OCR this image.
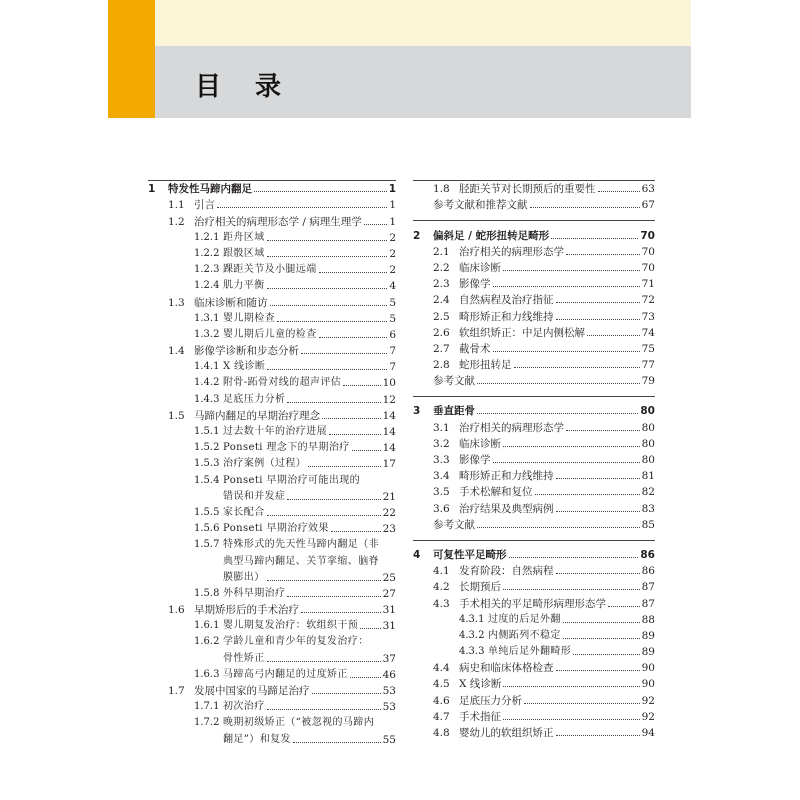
目录
1	特发性马蹄内翻足	1
1.1 引言	1
1.2 治疗相关的病理形态学 / 病理生理学	1
1.2.1 距舟区域	2
1.2.2 跟骰区域	2
1.2.3 踝距关节及小腿远端	2
1.2.4 肌力平衡	4
1.3 临床诊断和随访	5
1.3.1 婴儿期检查	5
1.3.2 婴儿期后儿童的检查	6
1.4 影像学诊断和步态分析	7
1.4.1 X 线诊断	7
1.4.2 附骨-跖骨对线的超声评估	10
1.4.3 足底压力分析	12
1.5 马蹄内翻足的早期治疗理念	14
1.5.1 过去数十年的治疗进展	14
1.5.2 Ponseti 理念下的早期治疗	14
1.5.3 治疗案例（过程）	17
1.5.4 Ponseti 早期治疗可能出现的
错误和并发症	21
1.5.5 家长配合	22
1.5.6 Ponseti 早期治疗效果	23
1.5.7 特殊形式的先天性马蹄内翻足（非
典型马蹄内翻足、关节挛缩、脑脊
膜膨出）	25
1.5.8 外科早期治疗	27
1.6 早期矫形后的手术治疗	31
1.6.1 婴儿期复发治疗：软组织干预 31
1.6.2 学龄儿童和青少年的复发治疗：
骨性矫正	37
1.6.3 马蹄高弓内翻足的过度矫正	46
1.7 发展中国家的马蹄足治疗	53
1.7.1 初次治疗	53
1.7.2 晚期初级矫正（“被忽视的马蹄内
翻足”）和复发	55
1.8 胫距关节对长期预后的重要性	63
参考文献和推荐文献	67
2	偏斜足 / 蛇形扭转足畸形	70
2.1 治疗相关的病理形态学	70
2.2 临床诊断	70
2.3 影像学	71
2.4 自然病程及治疗指征	72
2.5 畸形矫正和力线维持	73
2.6 软组织矫正：中足内侧松解	74
2.7 截骨术	75
2.8 蛇形扭转足	77
参考文献	79
3	垂直距骨	80
3.1 治疗相关的病理形态学	80
3.2 临床诊断	80
3.3 影像学	80
3.4 畸形矫正和力线维持	81
3.5 手术松解和复位	82
3.6 治疗结果及典型病例	83
参考文献	85
4	可复性平足畸形	86
4.1 发育阶段：自然病程	86
4.2 长期预后	87
4.3 手术相关的平足畸形病理形态学	87
4.3.1 过度的后足外翻	88
4.3.2 内侧跖列不稳定	89
4.3.3 单纯后足外翻畸形	89
4.4 病史和临床体格检查	90
4.5 X 线诊断	90
4.6 足底压力分析	92
4.7 手术指征	92
4.8 婴幼儿的软组织矫正	94
